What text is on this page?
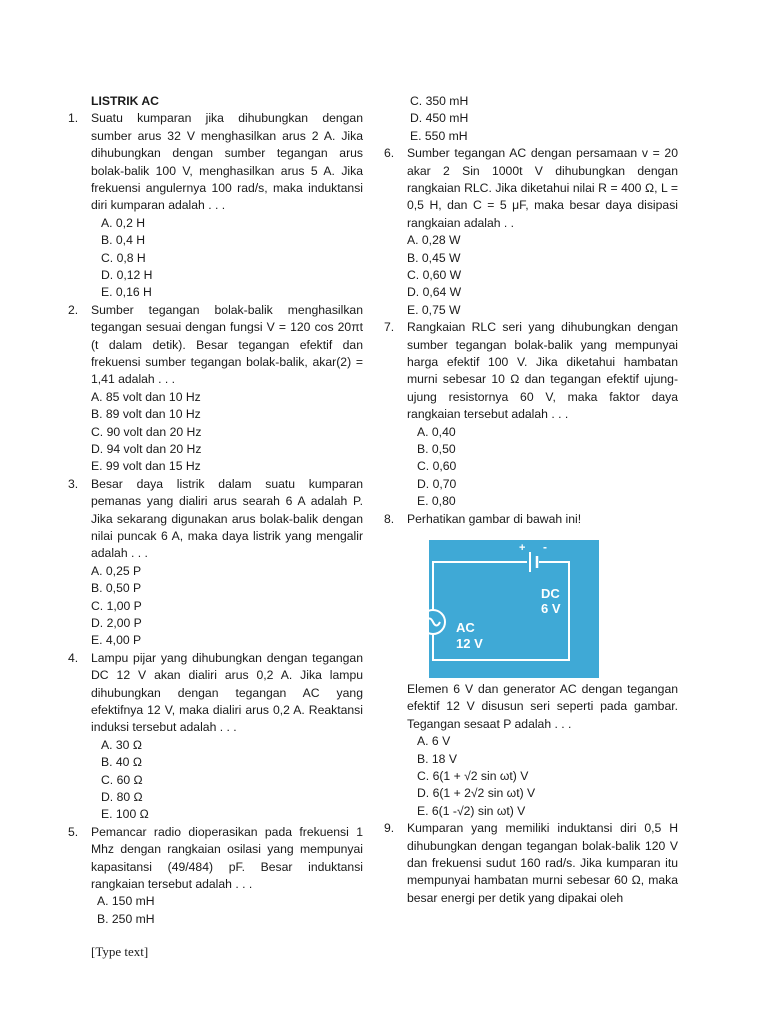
LISTRIK AC
1. Suatu kumparan jika dihubungkan dengan sumber arus 32 V menghasilkan arus 2 A. Jika dihubungkan dengan sumber tegangan arus bolak-balik 100 V, menghasilkan arus 5 A. Jika frekuensi angulernya 100 rad/s, maka induktansi diri kumparan adalah . . .
A. 0,2 H
B. 0,4 H
C. 0,8 H
D. 0,12 H
E. 0,16 H
2. Sumber tegangan bolak-balik menghasilkan tegangan sesuai dengan fungsi V = 120 cos 20πt (t dalam detik). Besar tegangan efektif dan frekuensi sumber tegangan bolak-balik, akar(2) = 1,41 adalah . . .
A. 85 volt dan 10 Hz
B. 89 volt dan 10 Hz
C. 90 volt dan 20 Hz
D. 94 volt dan 20 Hz
E. 99 volt dan 15 Hz
3. Besar daya listrik dalam suatu kumparan pemanas yang dialiri arus searah 6 A adalah P. Jika sekarang digunakan arus bolak-balik dengan nilai puncak 6 A, maka daya listrik yang mengalir adalah . . .
A. 0,25 P
B. 0,50 P
C. 1,00 P
D. 2,00 P
E. 4,00 P
4. Lampu pijar yang dihubungkan dengan tegangan DC 12 V akan dialiri arus 0,2 A. Jika lampu dihubungkan dengan tegangan AC yang efektifnya 12 V, maka dialiri arus 0,2 A. Reaktansi induksi tersebut adalah . . .
A. 30 Ω
B. 40 Ω
C. 60 Ω
D. 80 Ω
E. 100 Ω
5. Pemancar radio dioperasikan pada frekuensi 1 Mhz dengan rangkaian osilasi yang mempunyai kapasitansi (49/484) pF. Besar induktansi rangkaian tersebut adalah . . .
A. 150 mH
B. 250 mH
C. 350 mH
D. 450 mH
E. 550 mH
6. Sumber tegangan AC dengan persamaan v = 20 akar 2 Sin 1000t V dihubungkan dengan rangkaian RLC. Jika diketahui nilai R = 400 Ω, L = 0,5 H, dan C = 5 μF, maka besar daya disipasi rangkaian adalah . .
A. 0,28 W
B. 0,45 W
C. 0,60 W
D. 0,64 W
E. 0,75 W
7. Rangkaian RLC seri yang dihubungkan dengan sumber tegangan bolak-balik yang mempunyai harga efektif 100 V. Jika diketahui hambatan murni sebesar 10 Ω dan tegangan efektif ujung-ujung resistornya 60 V, maka faktor daya rangkaian tersebut adalah . . .
A. 0,40
B. 0,50
C. 0,60
D. 0,70
E. 0,80
8. Perhatikan gambar di bawah ini!
+ -
DC
6 V
AC
12 V
Elemen 6 V dan generator AC dengan tegangan efektif 12 V disusun seri seperti pada gambar. Tegangan sesaat P adalah . . .
A. 6 V
B. 18 V
C. 6(1 + √2 sin ωt) V
D. 6(1 + 2√2 sin ωt) V
E. 6(1 -√2) sin ωt) V
9. Kumparan yang memiliki induktansi diri 0,5 H dihubungkan dengan tegangan bolak-balik 120 V dan frekuensi sudut 160 rad/s. Jika kumparan itu mempunyai hambatan murni sebesar 60 Ω, maka besar energi per detik yang dipakai oleh
[Type text]
